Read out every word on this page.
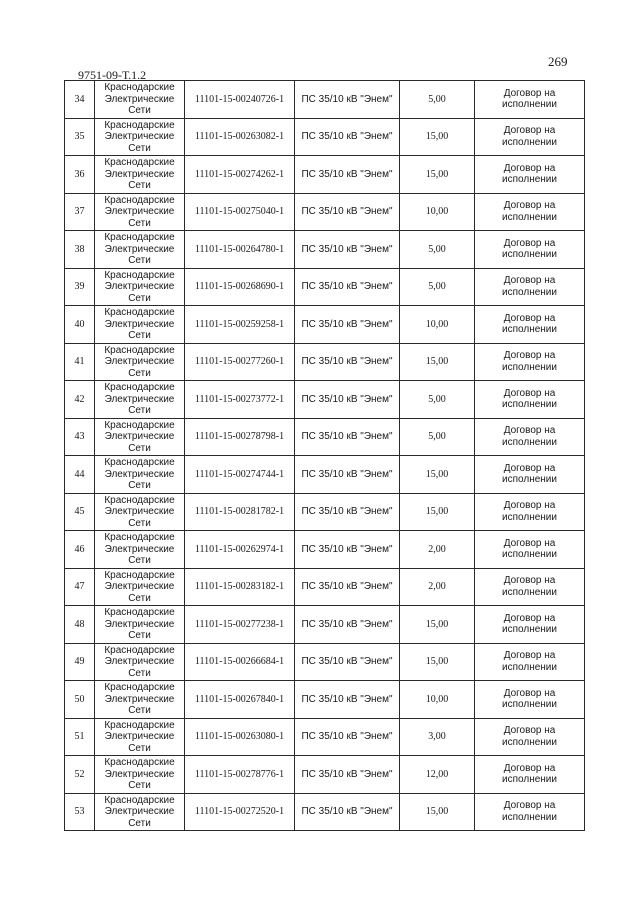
269
9751-09-Т.1.2
34	Краснодарские
Электрические
Сети	11101-15-00240726-1	ПС 35/10 кВ "Энем"	5,00	Договор на исполнении
35	Краснодарские
Электрические
Сети	11101-15-00263082-1	ПС 35/10 кВ "Энем"	15,00	Договор на исполнении
36	Краснодарские
Электрические
Сети	11101-15-00274262-1	ПС 35/10 кВ "Энем"	15,00	Договор на исполнении
37	Краснодарские
Электрические
Сети	11101-15-00275040-1	ПС 35/10 кВ "Энем"	10,00	Договор на исполнении
38	Краснодарские
Электрические
Сети	11101-15-00264780-1	ПС 35/10 кВ "Энем"	5,00	Договор на исполнении
39	Краснодарские
Электрические
Сети	11101-15-00268690-1	ПС 35/10 кВ "Энем"	5,00	Договор на исполнении
40	Краснодарские
Электрические
Сети	11101-15-00259258-1	ПС 35/10 кВ "Энем"	10,00	Договор на исполнении
41	Краснодарские
Электрические
Сети	11101-15-00277260-1	ПС 35/10 кВ "Энем"	15,00	Договор на исполнении
42	Краснодарские
Электрические
Сети	11101-15-00273772-1	ПС 35/10 кВ "Энем"	5,00	Договор на исполнении
43	Краснодарские
Электрические
Сети	11101-15-00278798-1	ПС 35/10 кВ "Энем"	5,00	Договор на исполнении
44	Краснодарские
Электрические
Сети	11101-15-00274744-1	ПС 35/10 кВ "Энем"	15,00	Договор на исполнении
45	Краснодарские
Электрические
Сети	11101-15-00281782-1	ПС 35/10 кВ "Энем"	15,00	Договор на исполнении
46	Краснодарские
Электрические
Сети	11101-15-00262974-1	ПС 35/10 кВ "Энем"	2,00	Договор на исполнении
47	Краснодарские
Электрические
Сети	11101-15-00283182-1	ПС 35/10 кВ "Энем"	2,00	Договор на исполнении
48	Краснодарские
Электрические
Сети	11101-15-00277238-1	ПС 35/10 кВ "Энем"	15,00	Договор на исполнении
49	Краснодарские
Электрические
Сети	11101-15-00266684-1	ПС 35/10 кВ "Энем"	15,00	Договор на исполнении
50	Краснодарские
Электрические
Сети	11101-15-00267840-1	ПС 35/10 кВ "Энем"	10,00	Договор на исполнении
51	Краснодарские
Электрические
Сети	11101-15-00263080-1	ПС 35/10 кВ "Энем"	3,00	Договор на исполнении
52	Краснодарские
Электрические
Сети	11101-15-00278776-1	ПС 35/10 кВ "Энем"	12,00	Договор на исполнении
53	Краснодарские
Электрические
Сети	11101-15-00272520-1	ПС 35/10 кВ "Энем"	15,00	Договор на исполнении
